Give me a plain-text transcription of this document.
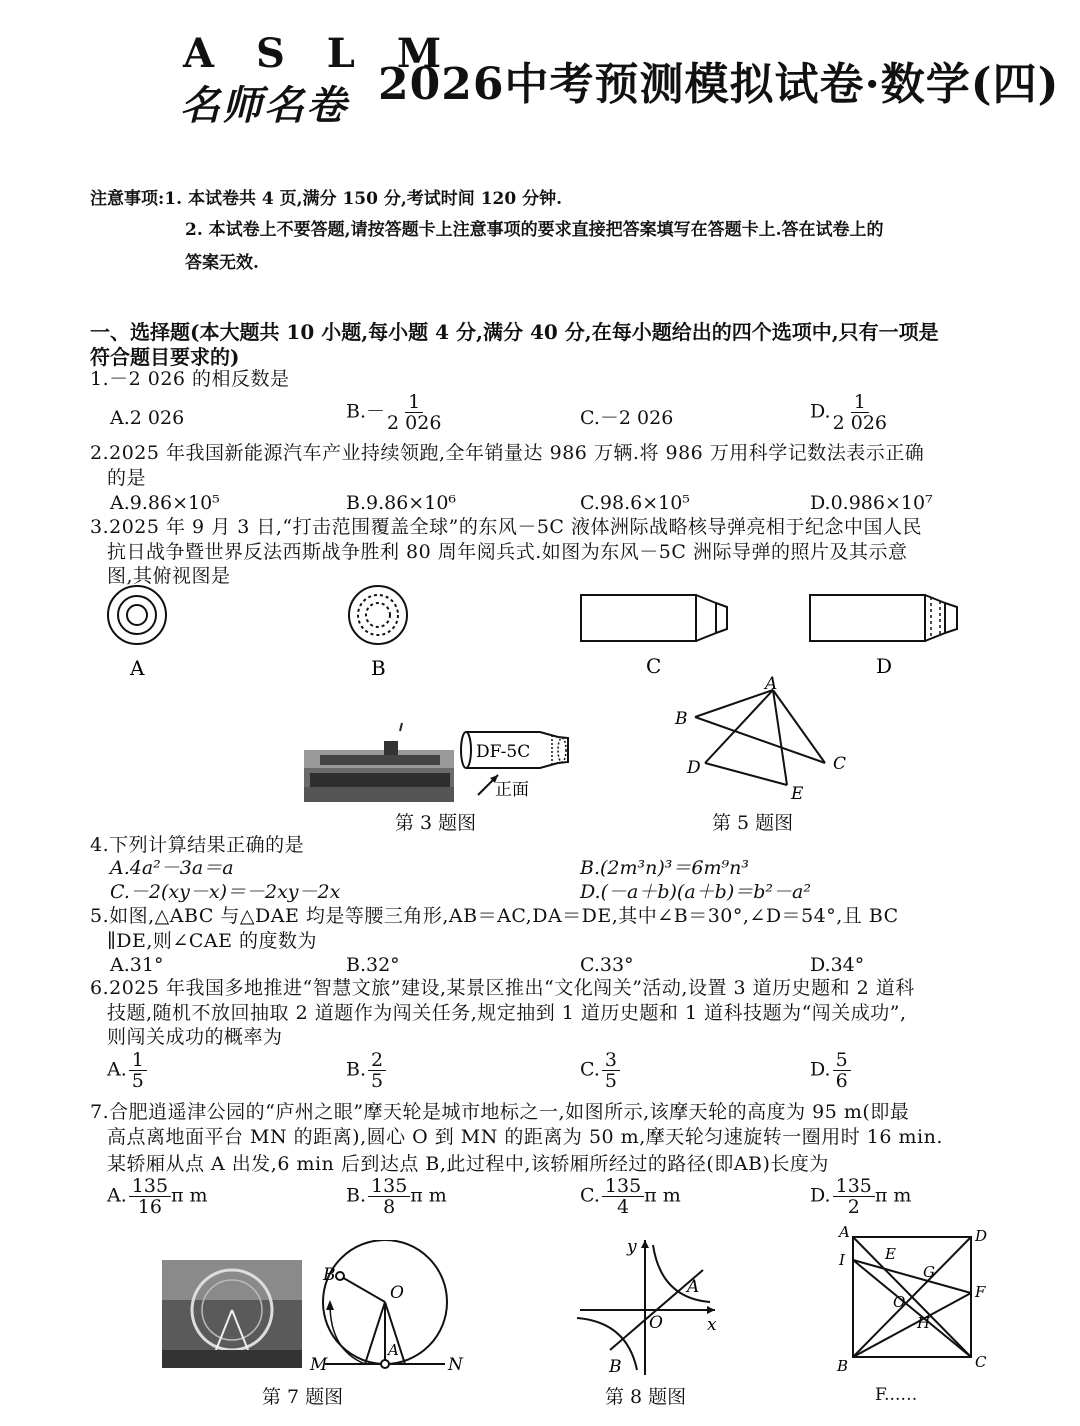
A S L M
名师名卷 2026中考预测模拟试卷·数学(四)
注意事项:1. 本试卷共 4 页,满分 150 分,考试时间 120 分钟.
2. 本试卷上不要答题,请按答题卡上注意事项的要求直接把答案填写在答题卡上.答在试卷上的
答案无效.
一、选择题(本大题共 10 小题,每小题 4 分,满分 40 分,在每小题给出的四个选项中,只有一项是
符合题目要求的)
1.－2 026 的相反数是
A.2 026	$B.- \frac{1}{2 026}$	C.－2 026	D. $\frac{1}{2 026}$
2.2025 年我国新能源汽车产业持续领跑,全年销量达 986 万辆.将 986 万用科学记数法表示正确
的是
A.9.86×10⁵	B.9.86×10⁶	C.98.6×10⁵	D.0.986×10⁷
3.2025 年 9 月 3 日,“打击范围覆盖全球”的东风－5C 液体洲际战略核导弹亮相于纪念中国人民
抗日战争暨世界反法西斯战争胜利 80 周年阅兵式.如图为东风－5C 洲际导弹的照片及其示意
图,其俯视图是
A	B	C	D
DF-5C
正面
第 3 题图
A
B
C
D
E
第 5 题图
4.下列计算结果正确的是
A.4a²－3a＝a	B.(2m³n)³＝6m⁹n³
C.－2(xy－x)＝－2xy－2x	D.(－a＋b)(a＋b)＝b²－a²
5.如图,△ABC 与△DAE 均是等腰三角形,AB＝AC,DA＝DE,其中∠B＝30°,∠D＝54°,且 BC
∥DE,则∠CAE 的度数为
A.31°	B.32°	C.33°	D.34°
6.2025 年我国多地推进“智慧文旅”建设,某景区推出“文化闯关”活动,设置 3 道历史题和 2 道科
技题,随机不放回抽取 2 道题作为闯关任务,规定抽到 1 道历史题和 1 道科技题为“闯关成功”,
则闯关成功的概率为
A. $\frac{1}{5}$	B. $\frac{2}{5}$	C. $\frac{3}{5}$	D. $\frac{5}{6}$
7.合肥逍遥津公园的“庐州之眼”摩天轮是城市地标之一,如图所示,该摩天轮的高度为 95 m(即最
高点离地面平台 MN 的距离),圆心 O 到 MN 的距离为 50 m,摩天轮匀速旋转一圈用时 16 min.
某轿厢从点 A 出发,6 min 后到达点 B,此过程中,该轿厢所经过的路径(即AB)长度为
A. $\frac{135}{16}$ π m	B. $\frac{135}{8}$ π m	C. $\frac{135}{4}$ π m	D. $\frac{135}{2}$ π m
B
O
A
M	N
第 7 题图
y
x
A
O
B
第 8 题图
A	D
I	E
G
F
O
H
B	C
F...…
